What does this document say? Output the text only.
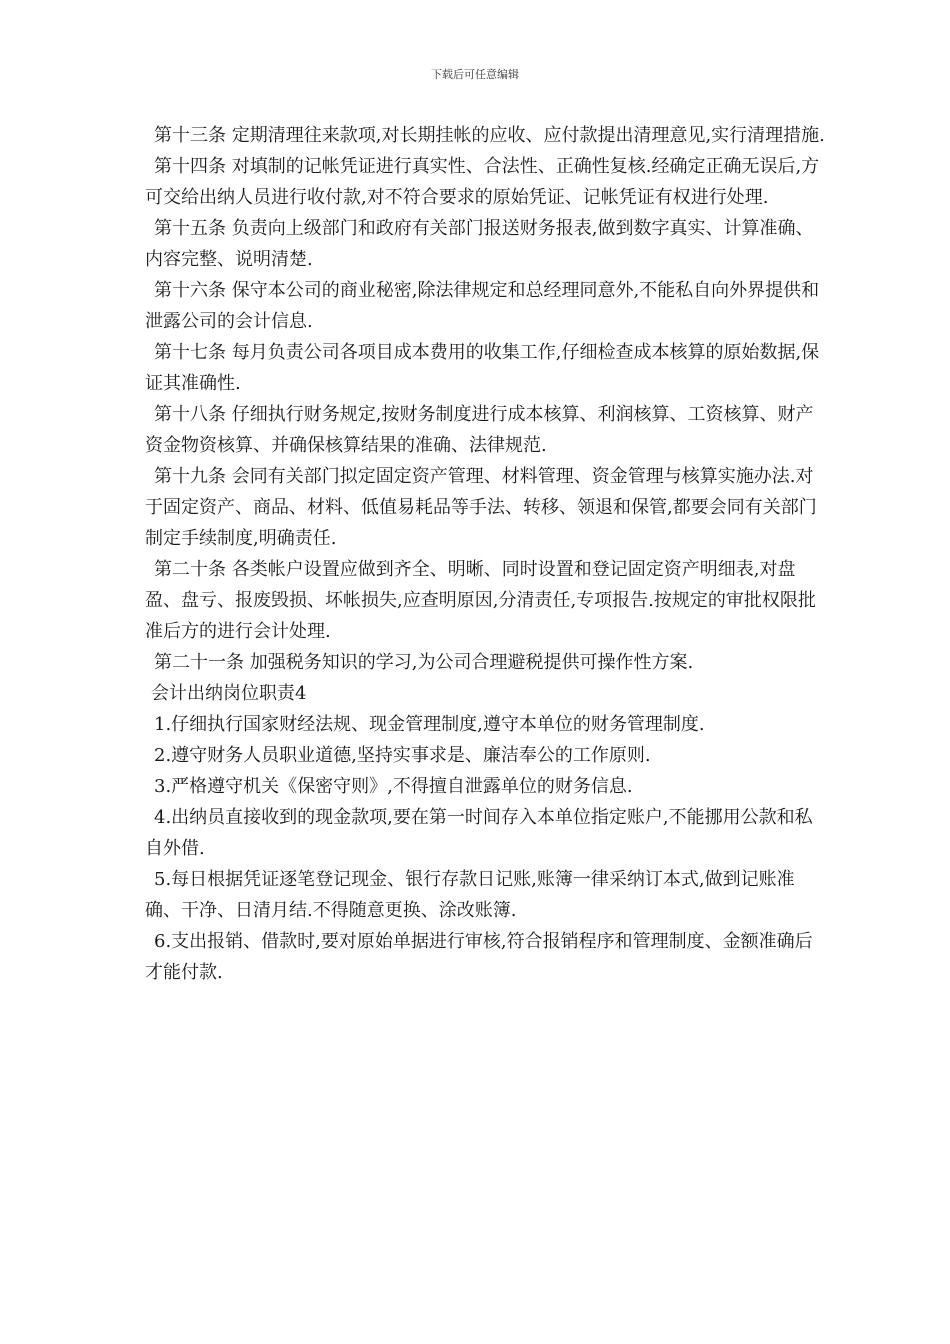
下载后可任意编辑

第十三条 定期清理往来款项,对长期挂帐的应收、应付款提出清理意见,实行清理措施.

第十四条 对填制的记帐凭证进行真实性、合法性、正确性复核.经确定正确无误后,方可交给出纳人员进行收付款,对不符合要求的原始凭证、记帐凭证有权进行处理.

第十五条 负责向上级部门和政府有关部门报送财务报表,做到数字真实、计算准确、内容完整、说明清楚.

第十六条 保守本公司的商业秘密,除法律规定和总经理同意外,不能私自向外界提供和泄露公司的会计信息.

第十七条 每月负责公司各项目成本费用的收集工作,仔细检查成本核算的原始数据,保证其准确性.

第十八条 仔细执行财务规定,按财务制度进行成本核算、利润核算、工资核算、财产资金物资核算、并确保核算结果的准确、法律规范.

第十九条 会同有关部门拟定固定资产管理、材料管理、资金管理与核算实施办法.对于固定资产、商品、材料、低值易耗品等手法、转移、领退和保管,都要会同有关部门制定手续制度,明确责任.

第二十条 各类帐户设置应做到齐全、明晰、同时设置和登记固定资产明细表,对盘盈、盘亏、报废毁损、坏帐损失,应查明原因,分清责任,专项报告.按规定的审批权限批准后方的进行会计处理.

第二十一条 加强税务知识的学习,为公司合理避税提供可操作性方案.

会计出纳岗位职责4

1.仔细执行国家财经法规、现金管理制度,遵守本单位的财务管理制度.

2.遵守财务人员职业道德,坚持实事求是、廉洁奉公的工作原则.

3.严格遵守机关《保密守则》,不得擅自泄露单位的财务信息.

4.出纳员直接收到的现金款项,要在第一时间存入本单位指定账户,不能挪用公款和私自外借.

5.每日根据凭证逐笔登记现金、银行存款日记账,账簿一律采纳订本式,做到记账准确、干净、日清月结.不得随意更换、涂改账簿.

6.支出报销、借款时,要对原始单据进行审核,符合报销程序和管理制度、金额准确后才能付款.
